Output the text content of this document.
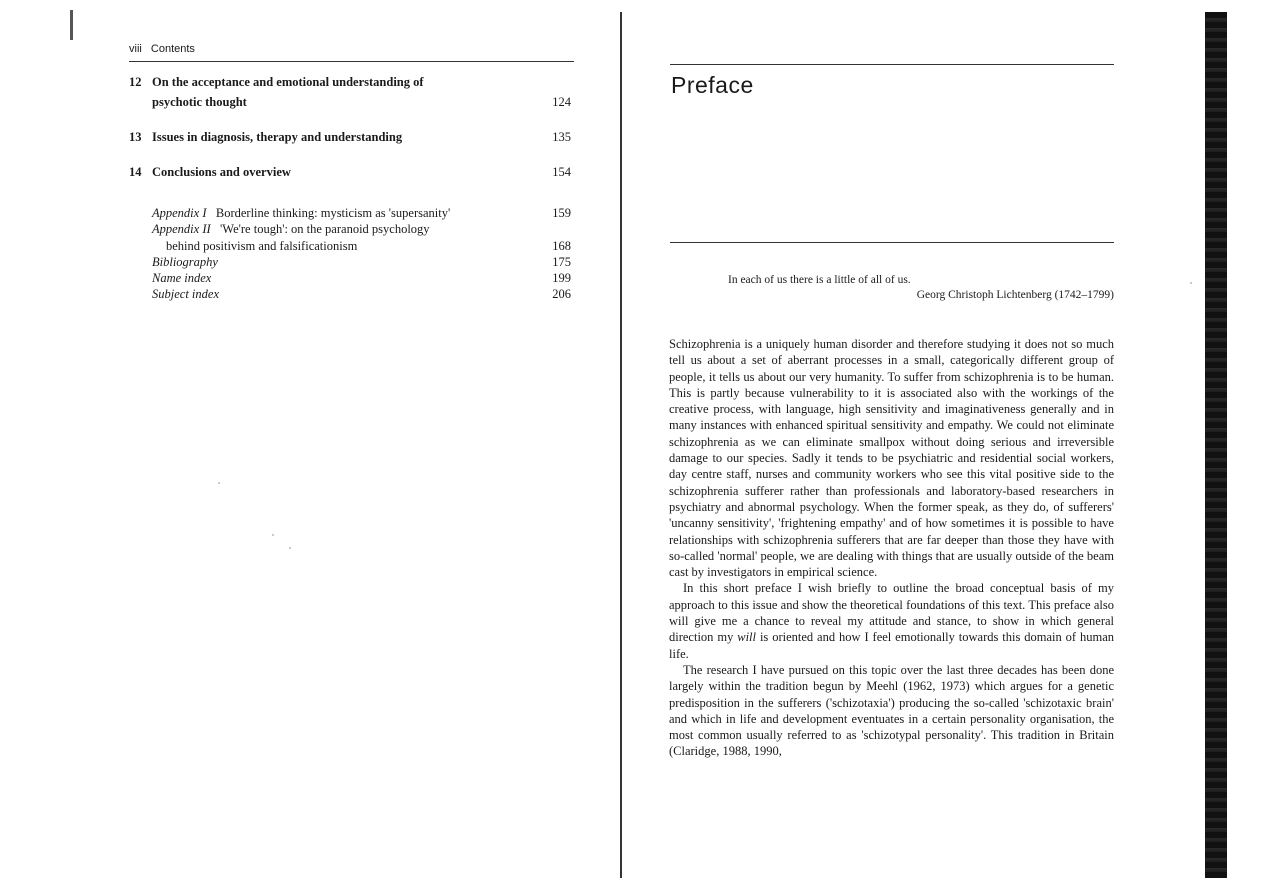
viii Contents
12 On the acceptance and emotional understanding of
psychotic thought	124
13 Issues in diagnosis, therapy and understanding	135
14 Conclusions and overview	154
Appendix I Borderline thinking: mysticism as 'supersanity'	159
Appendix II 'We're tough': on the paranoid psychology
behind positivism and falsificationism	168
Bibliography	175
Name index	199
Subject index	206
Preface
In each of us there is a little of all of us.
Georg Christoph Lichtenberg (1742–1799)

Schizophrenia is a uniquely human disorder and therefore studying it does not so much tell us about a set of aberrant processes in a small, categorically different group of people, it tells us about our very humanity. To suffer from schizophrenia is to be human. This is partly because vulnerability to it is associated also with the workings of the creative process, with language, high sensitivity and imaginativeness generally and in many instances with enhanced spiritual sensitivity and empathy. We could not eliminate schizophrenia as we can eliminate smallpox without doing serious and irreversible damage to our species. Sadly it tends to be psychiatric and residential social workers, day centre staff, nurses and community workers who see this vital positive side to the schizophrenia sufferer rather than professionals and laboratory-based researchers in psychiatry and abnormal psychology. When the former speak, as they do, of sufferers' 'uncanny sensitivity', 'frightening empathy' and of how sometimes it is possible to have relationships with schizophrenia sufferers that are far deeper than those they have with so-called 'normal' people, we are dealing with things that are usually outside of the beam cast by investigators in empirical science.

In this short preface I wish briefly to outline the broad conceptual basis of my approach to this issue and show the theoretical foundations of this text. This preface also will give me a chance to reveal my attitude and stance, to show in which general direction my will is oriented and how I feel emotionally towards this domain of human life.

The research I have pursued on this topic over the last three decades has been done largely within the tradition begun by Meehl (1962, 1973) which argues for a genetic predisposition in the sufferers ('schizotaxia') producing the so-called 'schizotaxic brain' and which in life and development eventuates in a certain personality organisation, the most common usually referred to as 'schizotypal personality'. This tradition in Britain (Claridge, 1988, 1990,
